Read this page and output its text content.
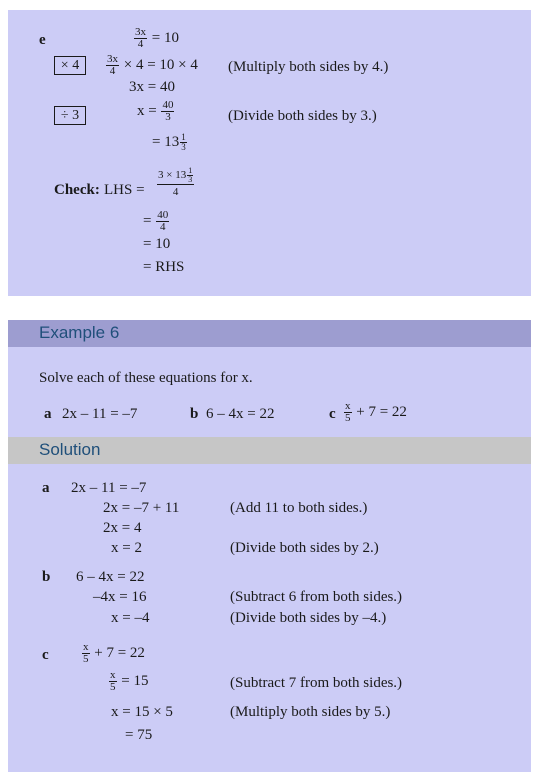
e	$\frac{3x}{4} = 10$
× 4	$\frac{3x}{4} \times 4 = 10 \times 4$ (Multiply both sides by 4.)
3x = 40
÷ 3	$x = \frac{40}{3}$	(Divide both sides by 3.)
= $13 \frac{1}{3}$
Check: LHS = $\frac{3 \times 13 \frac{1}{3}}{4}$
= $\frac{40}{4}$
= 10
= RHS
Example 6
Solve each of these equations for x.
a 2x – 11 = –7	b 6 – 4x = 22	c $\frac{x}{5} + 7 = 22$
Solution
a 2x – 11 = –7
2x = –7 + 11	(Add 11 to both sides.)
2x = 4
x = 2	(Divide both sides by 2.)
b 6 – 4x = 22
–4x = 16	(Subtract 6 from both sides.)
x = –4	(Divide both sides by –4.)
c	$\frac{x}{5} + 7 = 22$
$\frac{x}{5} = 15$	(Subtract 7 from both sides.)
x = 15 × 5	(Multiply both sides by 5.)
= 75
